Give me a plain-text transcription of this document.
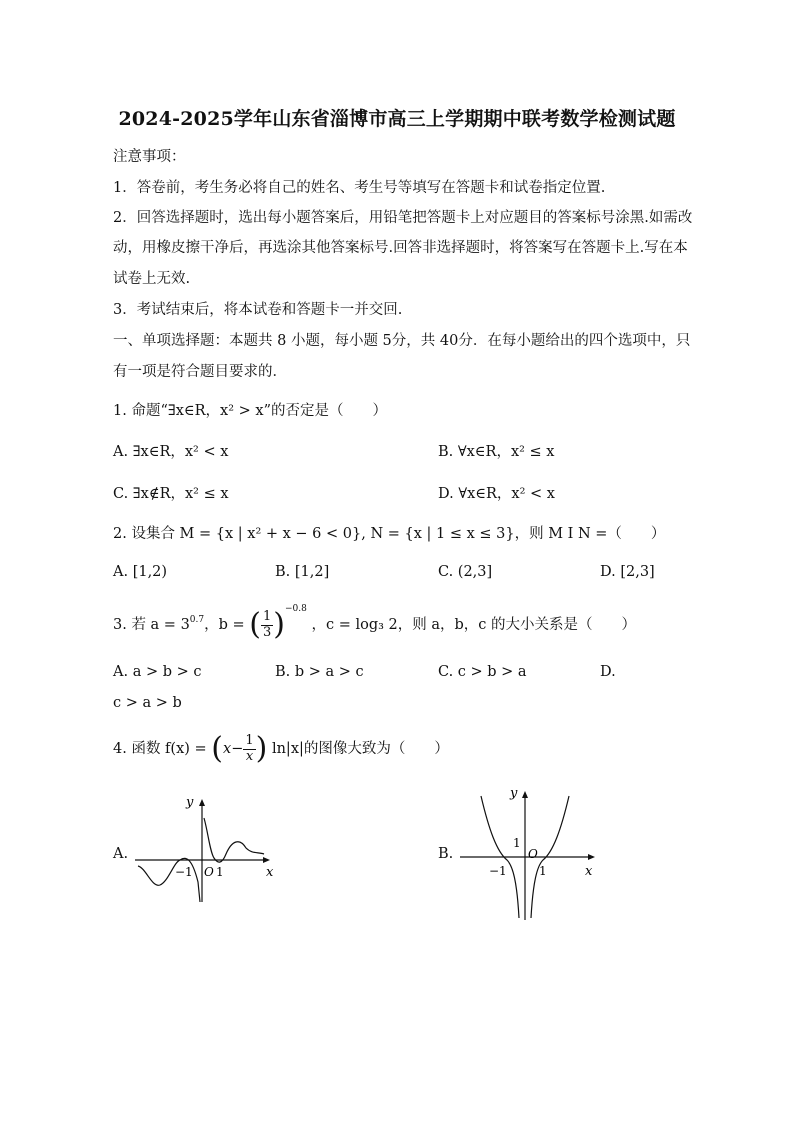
2024-2025学年山东省淄博市高三上学期期中联考数学检测试题
注意事项：
1．答卷前，考生务必将自己的姓名、考生号等填写在答题卡和试卷指定位置.
2．回答选择题时，选出每小题答案后，用铅笔把答题卡上对应题目的答案标号涂黑.如需改
动，用橡皮擦干净后，再选涂其他答案标号.回答非选择题时，将答案写在答题卡上.写在本
试卷上无效.
3．考试结束后，将本试卷和答题卡一并交回.
一、单项选择题：本题共 8 小题，每小题 5分，共 40分．在每小题给出的四个选项中，只
有一项是符合题目要求的．
1. 命题“∃x∈R，x² > x”的否定是（　　）
A. ∃x∈R，x² < x	B. ∀x∈R，x² ≤ x
C. ∃x∉R，x² ≤ x	D. ∀x∈R，x² < x
2. 设集合 M = {x | x² + x − 6 < 0}, N = {x | 1 ≤ x ≤ 3}，则 M I N =（　　）
A. [1,2)	B. [1,2]	C. (2,3]	D. [2,3]
3. 若 $a = 3^{0.7}$，b = ( $\frac{1}{3} )^{-0.8}$ ，c = log₃ 2，则 a，b，c 的大小关系是（　　）
A. a > b > c	B. b > a > c	C. c > b > a	D.
c > a > b
4. 函数 $f(x) = (x- \frac{1}{x}$ ) ln|x|的图像大致为（　　）
A.	B.
y
x
−1 O 1
y
x
1
O
−1	1
